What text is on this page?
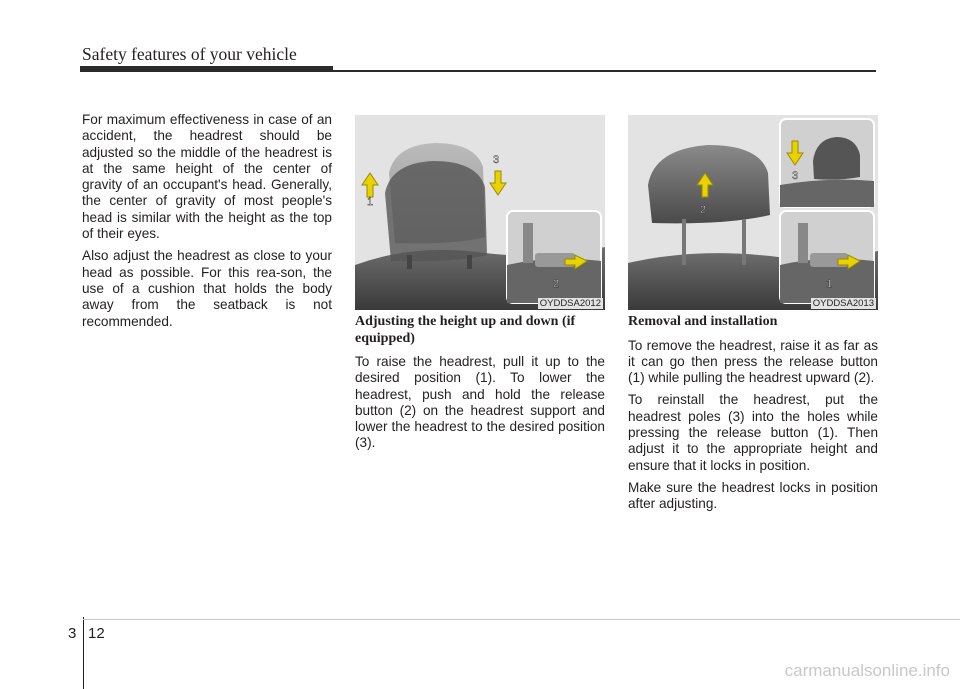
Safety features of your vehicle

For maximum effectiveness in case of an accident, the headrest should be adjusted so the middle of the headrest is at the same height of the center of gravity of an occupant's head. Generally, the center of gravity of most people's head is similar with the height as the top of their eyes.

Also adjust the headrest as close to your head as possible. For this rea-son, the use of a cushion that holds the body away from the seatback is not recommended.

1
3
2
OYDDSA2012
2
3
1
OYDDSA2013

Adjusting the height up and down (if equipped)

To raise the headrest, pull it up to the desired position (1). To lower the headrest, push and hold the release button (2) on the headrest support and lower the headrest to the desired position (3).

Removal and installation

To remove the headrest, raise it as far as it can go then press the release button (1) while pulling the headrest upward (2).

To reinstall the headrest, put the headrest poles (3) into the holes while pressing the release button (1). Then adjust it to the appropriate height and ensure that it locks in position.

Make sure the headrest locks in position after adjusting.

3 12
carmanualsonline.info
